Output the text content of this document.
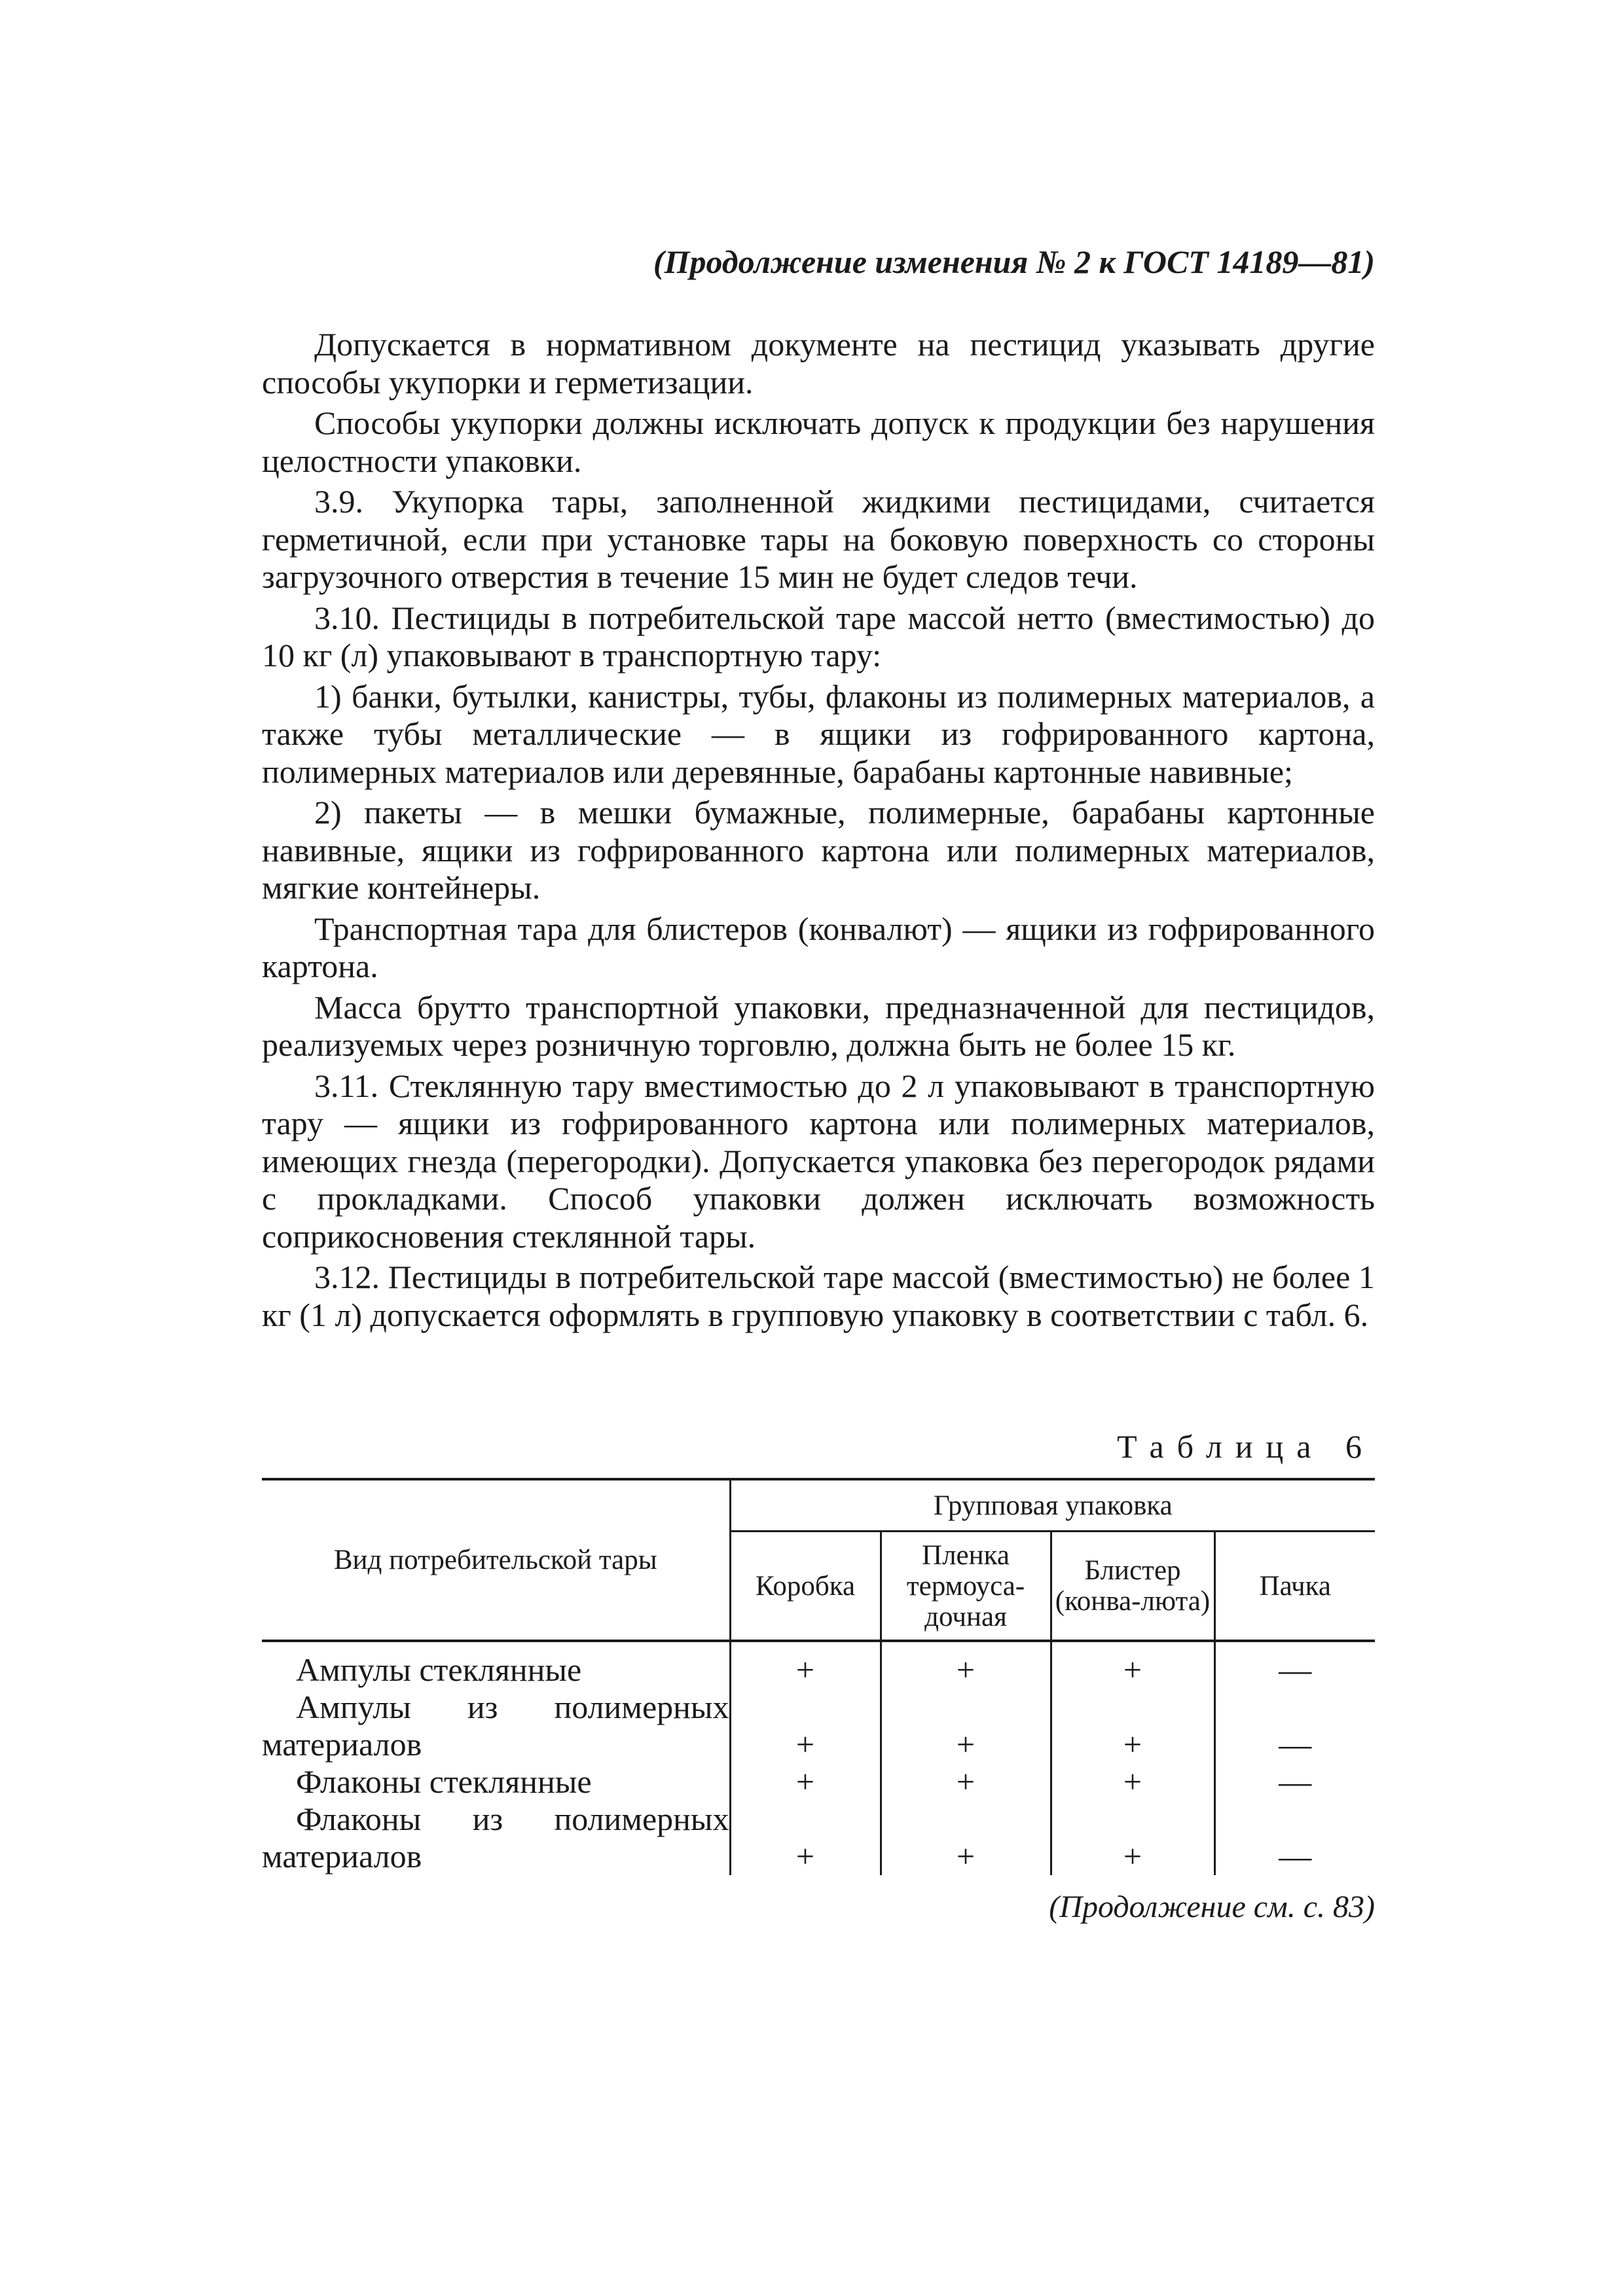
(Продолжение изменения № 2 к ГОСТ 14189—81)

Допускается в нормативном документе на пестицид указывать другие способы укупорки и герметизации.

Способы укупорки должны исключать допуск к продукции без нарушения целостности упаковки.

3.9. Укупорка тары, заполненной жидкими пестицидами, считается герметичной, если при установке тары на боковую поверхность со стороны загрузочного отверстия в течение 15 мин не будет следов течи.

3.10. Пестициды в потребительской таре массой нетто (вместимостью) до 10 кг (л) упаковывают в транспортную тару:

1) банки, бутылки, канистры, тубы, флаконы из полимерных материалов, а также тубы металлические — в ящики из гофрированного картона, полимерных материалов или деревянные, барабаны картонные навивные;

2) пакеты — в мешки бумажные, полимерные, барабаны картонные навивные, ящики из гофрированного картона или полимерных материалов, мягкие контейнеры.

Транспортная тара для блистеров (конвалют) — ящики из гофрированного картона.

Масса брутто транспортной упаковки, предназначенной для пестицидов, реализуемых через розничную торговлю, должна быть не более 15 кг.

3.11. Стеклянную тару вместимостью до 2 л упаковывают в транспортную тару — ящики из гофрированного картона или полимерных материалов, имеющих гнезда (перегородки). Допускается упаковка без перегородок рядами с прокладками. Способ упаковки должен исключать возможность соприкосновения стеклянной тары.

3.12. Пестициды в потребительской таре массой (вместимостью) не более 1 кг (1 л) допускается оформлять в групповую упаковку в соответствии с табл. 6.

Таблица 6

Вид потребительской тары	Групповая упаковка			
	Коробка	Пленка термоуса-дочная	Блистер (конва-люта)	Пачка

Ампулы стеклянные	+	+	+	—

Ампулы из полимерных материалов	+	+	+	—

Флаконы стеклянные	+	+	+	—

Флаконы из полимерных материалов	+	+	+	—

(Продолжение см. с. 83)
